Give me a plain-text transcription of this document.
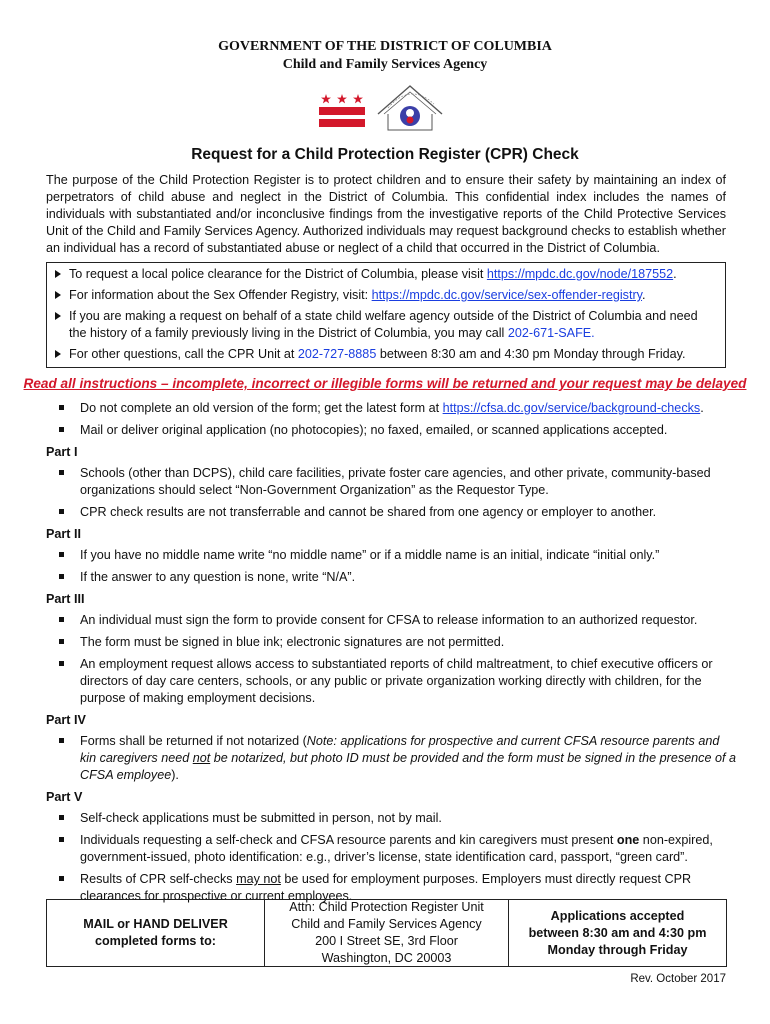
GOVERNMENT OF THE DISTRICT OF COLUMBIA
Child and Family Services Agency
Request for a Child Protection Register (CPR) Check
The purpose of the Child Protection Register is to protect children and to ensure their safety by maintaining an index of perpetrators of child abuse and neglect in the District of Columbia. This confidential index includes the names of individuals with substantiated and/or inconclusive findings from the investigative reports of the Child Protective Services Unit of the Child and Family Services Agency. Authorized individuals may request background checks to establish whether an individual has a record of substantiated abuse or neglect of a child that occurred in the District of Columbia.
To request a local police clearance for the District of Columbia, please visit https://mpdc.dc.gov/node/187552.
For information about the Sex Offender Registry, visit: https://mpdc.dc.gov/service/sex-offender-registry.
If you are making a request on behalf of a state child welfare agency outside of the District of Columbia and need the history of a family previously living in the District of Columbia, you may call 202-671-SAFE.
For other questions, call the CPR Unit at 202-727-8885 between 8:30 am and 4:30 pm Monday through Friday.
Read all instructions – incomplete, incorrect or illegible forms will be returned and your request may be delayed
Do not complete an old version of the form; get the latest form at https://cfsa.dc.gov/service/background-checks.
Mail or deliver original application (no photocopies); no faxed, emailed, or scanned applications accepted.
Part I
Schools (other than DCPS), child care facilities, private foster care agencies, and other private, community-based organizations should select “Non-Government Organization” as the Requestor Type.
CPR check results are not transferrable and cannot be shared from one agency or employer to another.
Part II
If you have no middle name write “no middle name” or if a middle name is an initial, indicate “initial only.”
If the answer to any question is none, write “N/A”.
Part III
An individual must sign the form to provide consent for CFSA to release information to an authorized requestor.
The form must be signed in blue ink; electronic signatures are not permitted.
An employment request allows access to substantiated reports of child maltreatment, to chief executive officers or directors of day care centers, schools, or any public or private organization working directly with children, for the purpose of making employment decisions.
Part IV
Forms shall be returned if not notarized (Note: applications for prospective and current CFSA resource parents and kin caregivers need not be notarized, but photo ID must be provided and the form must be signed in the presence of a CFSA employee).
Part V
Self-check applications must be submitted in person, not by mail.
Individuals requesting a self-check and CFSA resource parents and kin caregivers must present one non-expired, government-issued, photo identification: e.g., driver’s license, state identification card, passport, “green card”.
Results of CPR self-checks may not be used for employment purposes. Employers must directly request CPR clearances for prospective or current employees.
MAIL or HAND DELIVER
completed forms to:
Attn: Child Protection Register Unit
Child and Family Services Agency
200 I Street SE, 3rd Floor
Washington, DC 20003
Applications accepted
between 8:30 am and 4:30 pm
Monday through Friday
Rev. October 2017
